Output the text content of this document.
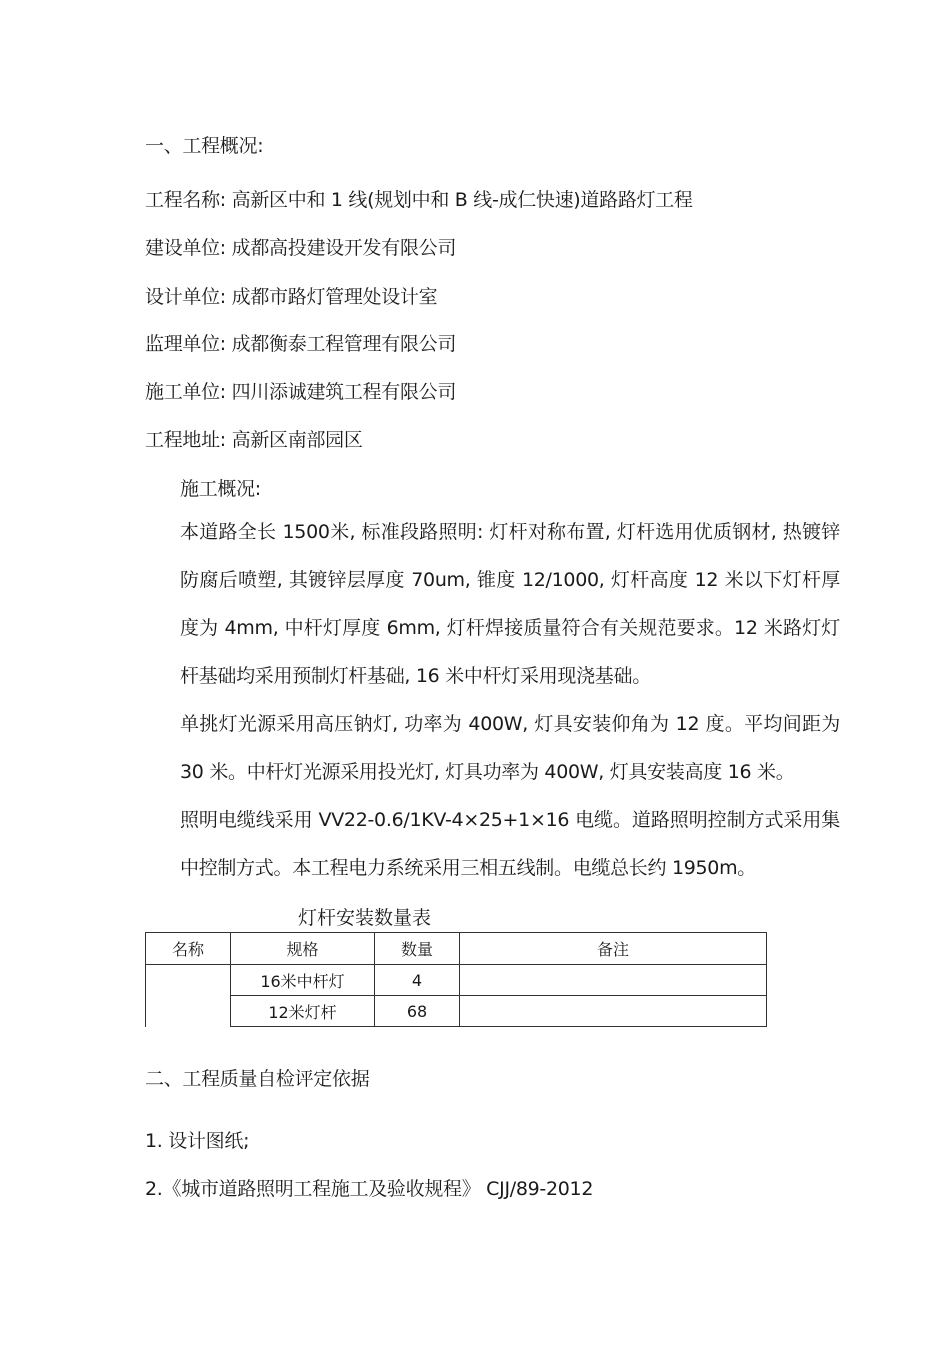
一、工程概况:
工程名称: 高新区中和 1 线(规划中和 B 线-成仁快速)道路路灯工程
建设单位: 成都高投建设开发有限公司
设计单位: 成都市路灯管理处设计室
监理单位: 成都衡泰工程管理有限公司
施工单位: 四川添诚建筑工程有限公司
工程地址: 高新区南部园区
施工概况:
本道路全长 1500米, 标准段路照明: 灯杆对称布置, 灯杆选用优质钢材, 热镀锌防腐后喷塑, 其镀锌层厚度 70um, 锥度 12/1000, 灯杆高度 12 米以下灯杆厚度为 4mm, 中杆灯厚度 6mm, 灯杆焊接质量符合有关规范要求。12 米路灯灯杆基础均采用预制灯杆基础, 16 米中杆灯采用现浇基础。
单挑灯光源采用高压钠灯, 功率为 400W, 灯具安装仰角为 12 度。平均间距为 30 米。中杆灯光源采用投光灯, 灯具功率为 400W, 灯具安装高度 16 米。
照明电缆线采用 VV22-0.6/1KV-4×25+1×16 电缆。道路照明控制方式采用集中控制方式。本工程电力系统采用三相五线制。电缆总长约 1950m。
灯杆安装数量表
名称	规格	数量	备注
	16米中杆灯	4	
	12米灯杆	68	
二、工程质量自检评定依据
1. 设计图纸;
2.《城市道路照明工程施工及验收规程》 CJJ/89-2012
